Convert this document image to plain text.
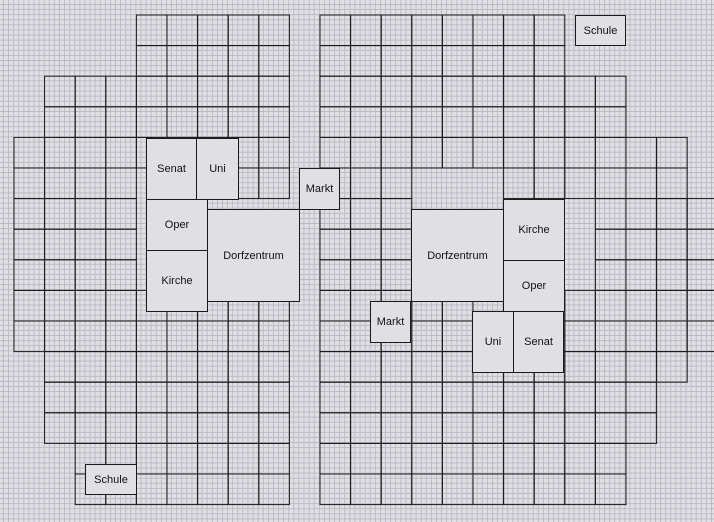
Schule
Senat	Uni
Markt
Oper
Dorfzentrum
Kirche
Dorfzentrum
Kirche
Oper
Markt
Uni	Senat
Schule
